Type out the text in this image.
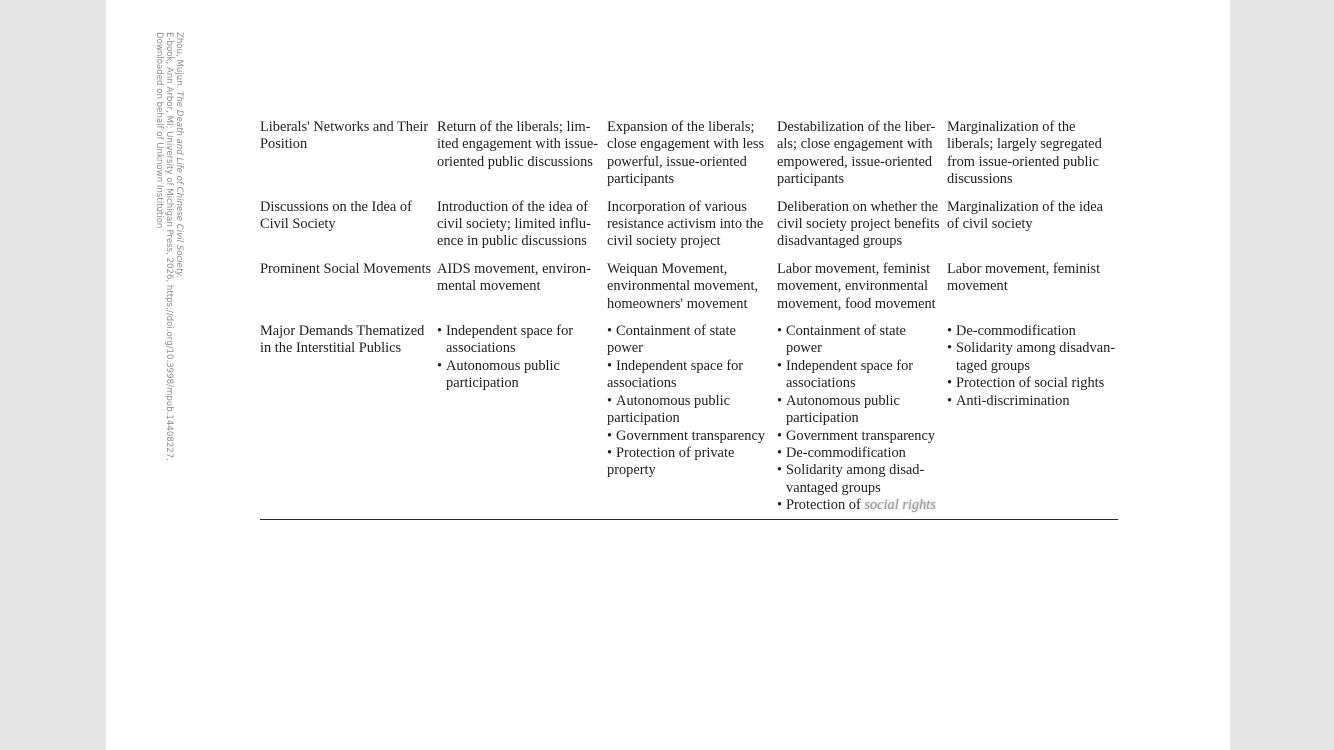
Zhou, Mujun. The Death and Life of Chinese Civil Society.
E-book, Ann Arbor, MI: University of Michigan Press, 2026, https://doi.org/10.3998/mpub.14408227.
Downloaded on behalf of Unknown Institution	Liberals' Networks and Their Position
Return of the liberals; lim- ited engagement with issue-oriented public discussions
Expansion of the liberals; close engagement with less powerful, issue-oriented participants
Destabilization of the liber- als; close engagement with empowered, issue-oriented participants
Marginalization of the liberals; largely segregated from issue-oriented public discussions
Discussions on the Idea of Civil Society
Introduction of the idea of civil society; limited influ- ence in public discussions
Incorporation of various resistance activism into the civil society project
Deliberation on whether the civil society project benefits disadvantaged groups
Marginalization of the idea of civil society
Prominent Social Movements AIDS movement, environ- mental movement
Weiquan Movement, environmental movement, homeowners' movement
Labor movement, feminist movement, environmental movement, food movement
Labor movement, feminist movement
Major Demands Thematized in the Interstitial Publics
• Independent space for associations
• Autonomous public participation
• Containment of state power
• Independent space for associations
• Autonomous public participation
• Government transparency
• Protection of private property
• Containment of state power
• Independent space for associations
• Autonomous public participation
• Government transparency
• De-commodification
• Solidarity among disad- vantaged groups
• Protection of social rights
• De-commodification
• Solidarity among disadvan- taged groups
• Protection of social rights
• Anti-discrimination
